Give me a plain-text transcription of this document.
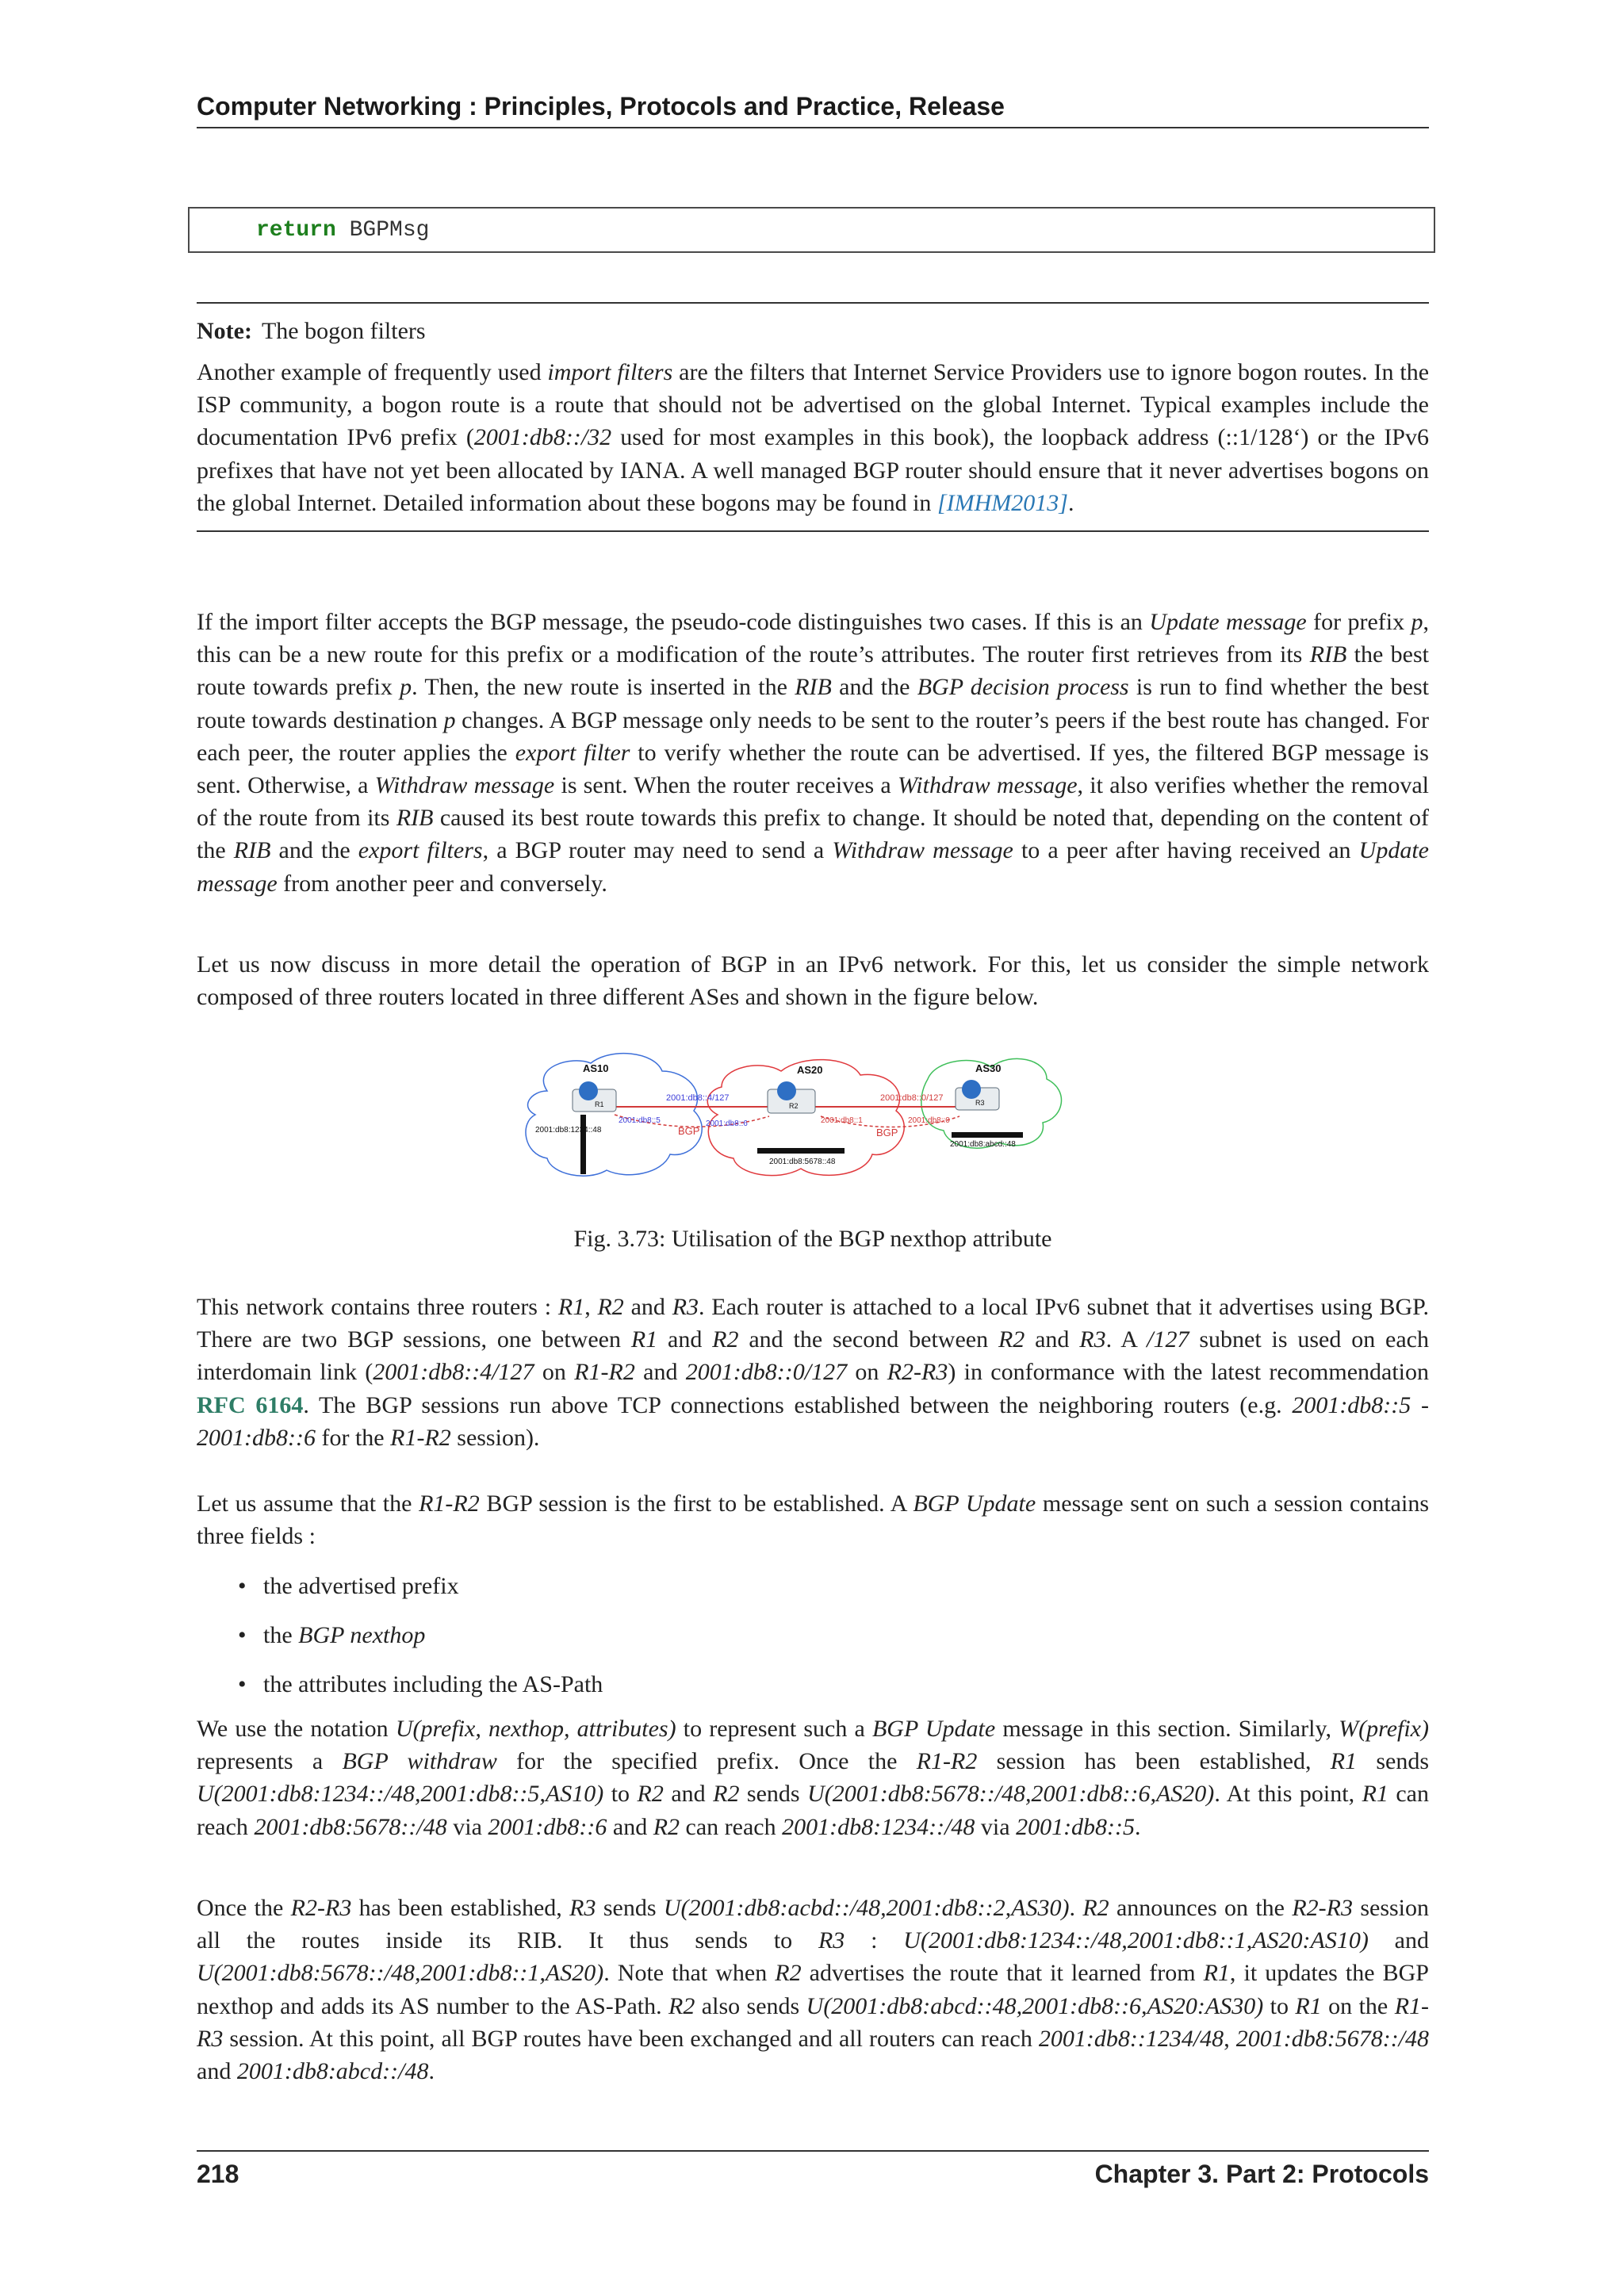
Computer Networking : Principles, Protocols and Practice, Release
return BGPMsg
Note: The bogon filters

Another example of frequently used import filters are the filters that Internet Service Providers use to ignore bogon routes. In the ISP community, a bogon route is a route that should not be advertised on the global Internet. Typical examples include the documentation IPv6 prefix (2001:db8::/32 used for most examples in this book), the loopback address (::1/128‘) or the IPv6 prefixes that have not yet been allocated by IANA. A well managed BGP router should ensure that it never advertises bogons on the global Internet. Detailed information about these bogons may be found in [IMHM2013].

If the import filter accepts the BGP message, the pseudo-code distinguishes two cases. If this is an Update message for prefix p, this can be a new route for this prefix or a modification of the route’s attributes. The router first retrieves from its RIB the best route towards prefix p. Then, the new route is inserted in the RIB and the BGP decision process is run to find whether the best route towards destination p changes. A BGP message only needs to be sent to the router’s peers if the best route has changed. For each peer, the router applies the export filter to verify whether the route can be advertised. If yes, the filtered BGP message is sent. Otherwise, a Withdraw message is sent. When the router receives a Withdraw message, it also verifies whether the removal of the route from its RIB caused its best route towards this prefix to change. It should be noted that, depending on the content of the RIB and the export filters, a BGP router may need to send a Withdraw message to a peer after having received an Update message from another peer and conversely.

Let us now discuss in more detail the operation of BGP in an IPv6 network. For this, let us consider the simple network composed of three routers located in three different ASes and shown in the figure below.

R1	R2	R3
AS10	AS20	AS30
2001:db8::4/127	2001:db8::0/127
2001:db8::5	2001:db8::6	2001:db8::1	2001:db8::0
2001:db8:1234::48
2001:db8:5678::48
2001:db8:abcd::48
BGP	BGP
Fig. 3.73: Utilisation of the BGP nexthop attribute

This network contains three routers : R1, R2 and R3. Each router is attached to a local IPv6 subnet that it advertises using BGP. There are two BGP sessions, one between R1 and R2 and the second between R2 and R3. A /127 subnet is used on each interdomain link (2001:db8::4/127 on R1-R2 and 2001:db8::0/127 on R2-R3) in conformance with the latest recommendation RFC 6164. The BGP sessions run above TCP connections established between the neighboring routers (e.g. 2001:db8::5 - 2001:db8::6 for the R1-R2 session).

Let us assume that the R1-R2 BGP session is the first to be established. A BGP Update message sent on such a session contains three fields :

• the advertised prefix
• the BGP nexthop
• the attributes including the AS-Path

We use the notation U(prefix, nexthop, attributes) to represent such a BGP Update message in this section. Similarly, W(prefix) represents a BGP withdraw for the specified prefix. Once the R1-R2 session has been established, R1 sends U(2001:db8:1234::/48,2001:db8::5,AS10) to R2 and R2 sends U(2001:db8:5678::/48,2001:db8::6,AS20). At this point, R1 can reach 2001:db8:5678::/48 via 2001:db8::6 and R2 can reach 2001:db8:1234::/48 via 2001:db8::5.

Once the R2-R3 has been established, R3 sends U(2001:db8:acbd::/48,2001:db8::2,AS30). R2 announces on the R2-R3 session all the routes inside its RIB. It thus sends to R3 : U(2001:db8:1234::/48,2001:db8::1,AS20:AS10) and U(2001:db8:5678::/48,2001:db8::1,AS20). Note that when R2 advertises the route that it learned from R1, it updates the BGP nexthop and adds its AS number to the AS-Path. R2 also sends U(2001:db8:abcd::48,2001:db8::6,AS20:AS30) to R1 on the R1-R3 session. At this point, all BGP routes have been exchanged and all routers can reach 2001:db8::1234/48, 2001:db8:5678::/48 and 2001:db8:abcd::/48.

218	Chapter 3. Part 2: Protocols
